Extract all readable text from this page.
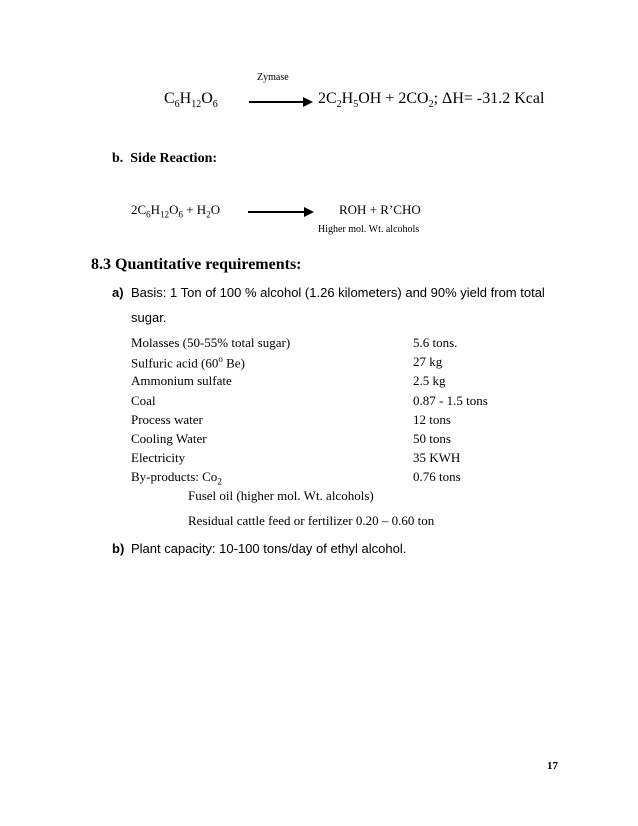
Zymase
$C_6H_{12}O_6$	$2C_2H_5OH + 2CO_2$; ΔH= -31.2 Kcal
b. Side Reaction:
$2C_6H_{12}O_6 + H_2O$	ROH + R’CHO
Higher mol. Wt. alcohols
8.3 Quantitative requirements:
a) Basis: 1 Ton of 100 % alcohol (1.26 kilometers) and 90% yield from total
sugar.
Molasses (50-55% total sugar)	5.6 tons.
Sulfuric acid (60$^o$ Be)	27 kg
Ammonium sulfate	2.5 kg
Coal	0.87 - 1.5 tons
Process water	12 tons
Cooling Water	50 tons
Electricity	35 KWH
By-products: $Co_2$	0.76 tons
Fusel oil (higher mol. Wt. alcohols)
Residual cattle feed or fertilizer 0.20 – 0.60 ton
b) Plant capacity: 10-100 tons/day of ethyl alcohol.
17
